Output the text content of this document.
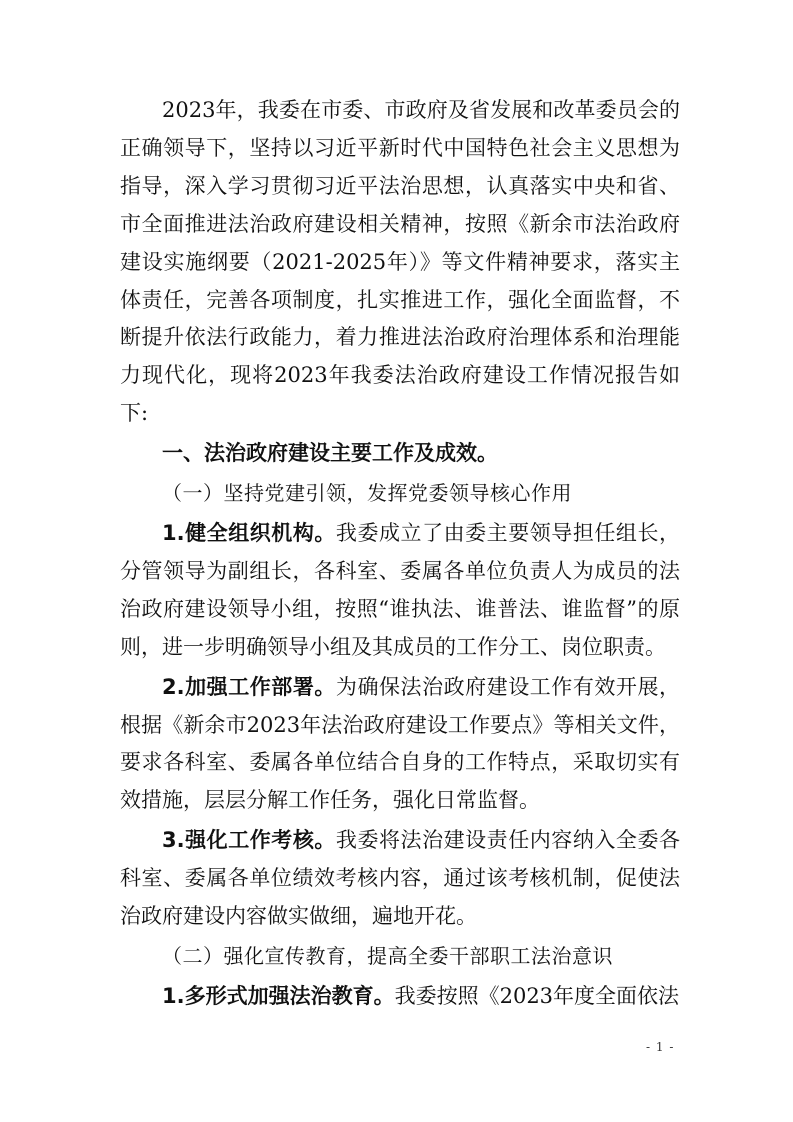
2023年，我委在市委、市政府及省发展和改革委员会的正确领导下，坚持以习近平新时代中国特色社会主义思想为指导，深入学习贯彻习近平法治思想，认真落实中央和省、市全面推进法治政府建设相关精神，按照《新余市法治政府建设实施纲要（2021-2025年）》等文件精神要求，落实主体责任，完善各项制度，扎实推进工作，强化全面监督，不断提升依法行政能力，着力推进法治政府治理体系和治理能力现代化，现将2023年我委法治政府建设工作情况报告如下:

一、法治政府建设主要工作及成效。

（一）坚持党建引领，发挥党委领导核心作用

1.健全组织机构。我委成立了由委主要领导担任组长，分管领导为副组长，各科室、委属各单位负责人为成员的法治政府建设领导小组，按照“谁执法、谁普法、谁监督”的原则，进一步明确领导小组及其成员的工作分工、岗位职责。

2.加强工作部署。为确保法治政府建设工作有效开展，根据《新余市2023年法治政府建设工作要点》等相关文件，要求各科室、委属各单位结合自身的工作特点，采取切实有效措施，层层分解工作任务，强化日常监督。

3.强化工作考核。我委将法治建设责任内容纳入全委各科室、委属各单位绩效考核内容，通过该考核机制，促使法治政府建设内容做实做细，遍地开花。

（二）强化宣传教育，提高全委干部职工法治意识

1.多形式加强法治教育。我委按照《2023年度全面依法

- 1 -
